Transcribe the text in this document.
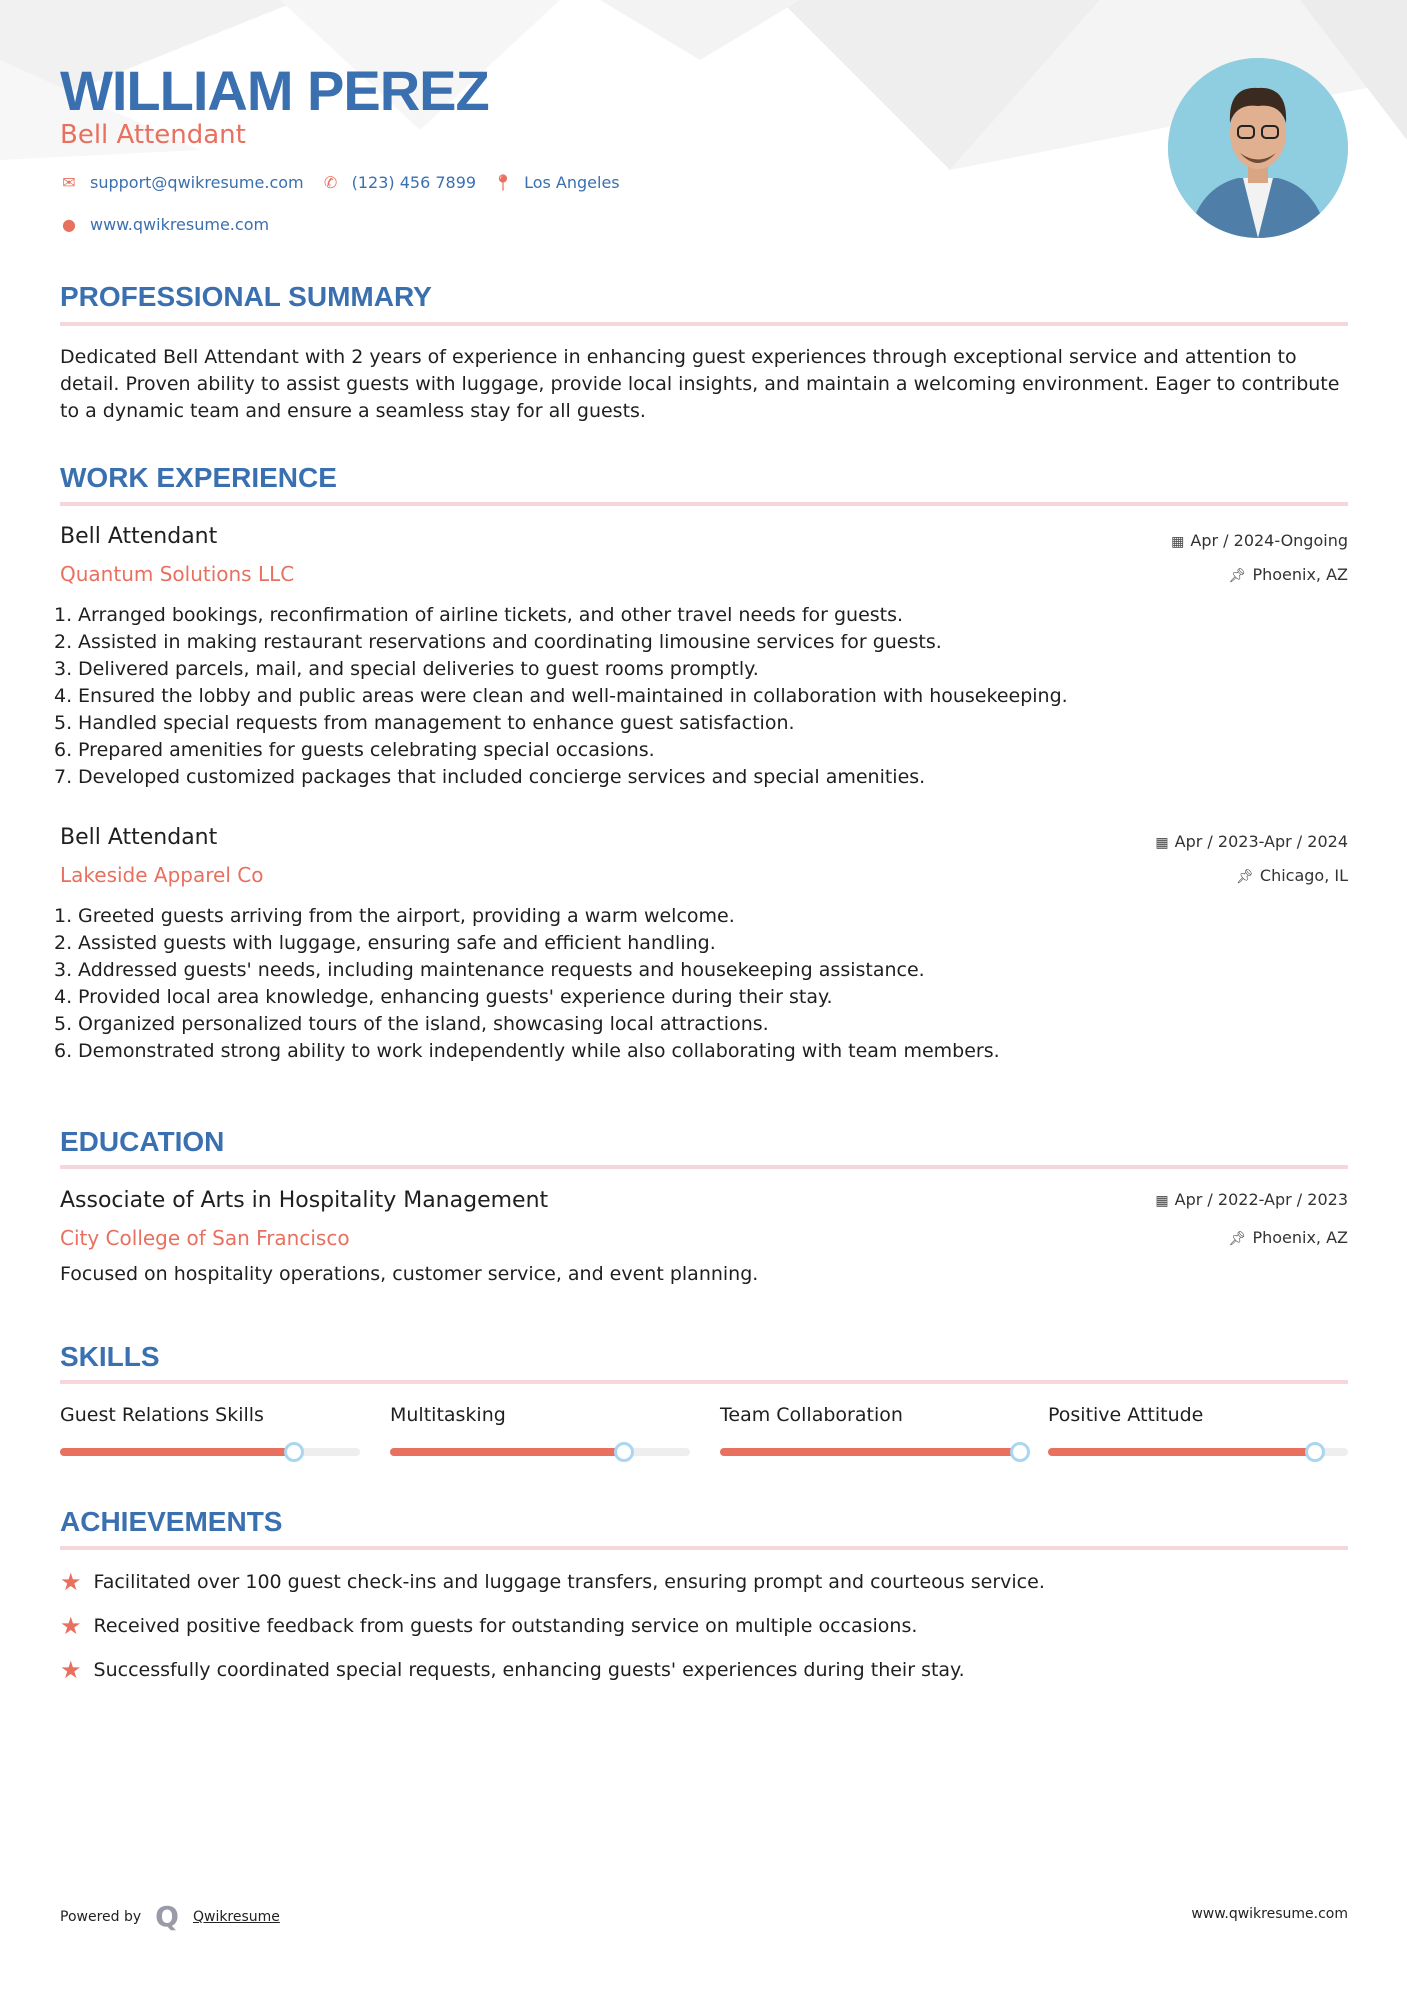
WILLIAM PEREZ
Bell Attendant
✉ support@qwikresume.com ✆ (123) 456 7899 📍︎ Los Angeles
● www.qwikresume.com
PROFESSIONAL SUMMARY
Dedicated Bell Attendant with 2 years of experience in enhancing guest experiences through exceptional service and attention to detail. Proven ability to assist guests with luggage, provide local insights, and maintain a welcoming environment. Eager to contribute to a dynamic team and ensure a seamless stay for all guests.
WORK EXPERIENCE
Bell Attendant
Quantum Solutions LLC
▦ Apr / 2024-Ongoing
📌︎ Phoenix, AZ
1. Arranged bookings, reconfirmation of airline tickets, and other travel needs for guests.
2. Assisted in making restaurant reservations and coordinating limousine services for guests.
3. Delivered parcels, mail, and special deliveries to guest rooms promptly.
4. Ensured the lobby and public areas were clean and well-maintained in collaboration with housekeeping.
5. Handled special requests from management to enhance guest satisfaction.
6. Prepared amenities for guests celebrating special occasions.
7. Developed customized packages that included concierge services and special amenities.
Bell Attendant
Lakeside Apparel Co
▦ Apr / 2023-Apr / 2024
📌︎ Chicago, IL
1. Greeted guests arriving from the airport, providing a warm welcome.
2. Assisted guests with luggage, ensuring safe and efficient handling.
3. Addressed guests' needs, including maintenance requests and housekeeping assistance.
4. Provided local area knowledge, enhancing guests' experience during their stay.
5. Organized personalized tours of the island, showcasing local attractions.
6. Demonstrated strong ability to work independently while also collaborating with team members.
EDUCATION
Associate of Arts in Hospitality Management
City College of San Francisco
▦ Apr / 2022-Apr / 2023
📌︎ Phoenix, AZ
Focused on hospitality operations, customer service, and event planning.
SKILLS
Guest Relations Skills	Multitasking	Team Collaboration	Positive Attitude
ACHIEVEMENTS
★ Facilitated over 100 guest check-ins and luggage transfers, ensuring prompt and courteous service.
★ Received positive feedback from guests for outstanding service on multiple occasions.
★ Successfully coordinated special requests, enhancing guests' experiences during their stay.
Powered by Q Qwikresume	www.qwikresume.com
